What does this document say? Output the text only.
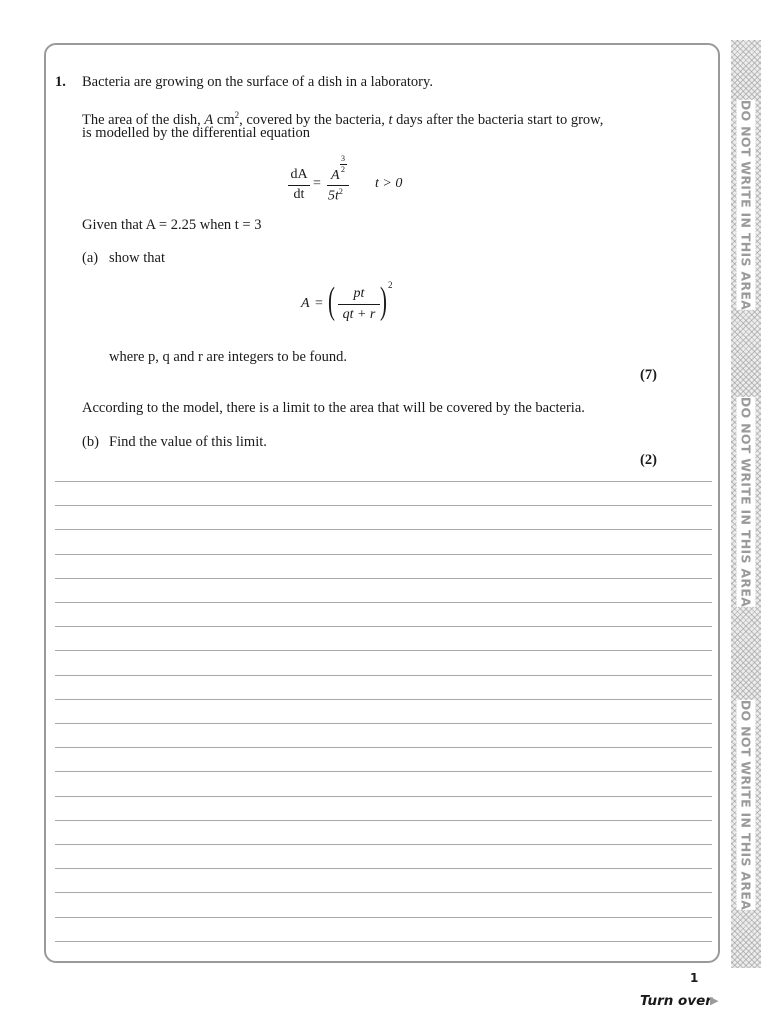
DO NOT WRITE IN THIS AREA
DO NOT WRITE IN THIS AREA
DO NOT WRITE IN THIS AREA
1. Bacteria are growing on the surface of a dish in a laboratory.
The area of the dish, A $cm^2$, covered by the bacteria, t days after the bacteria start to grow,
is modelled by the differential equation
dA
dt
=
A
3
2
$5t^2$
t > 0
Given that A = 2.25 when t = 3
(a) show that
A = (	pt
qt + r ) 2
where p, q and r are integers to be found.
(7)
According to the model, there is a limit to the area that will be covered by the bacteria.
(b) Find the value of this limit.
(2)
1
Turn over
▶
